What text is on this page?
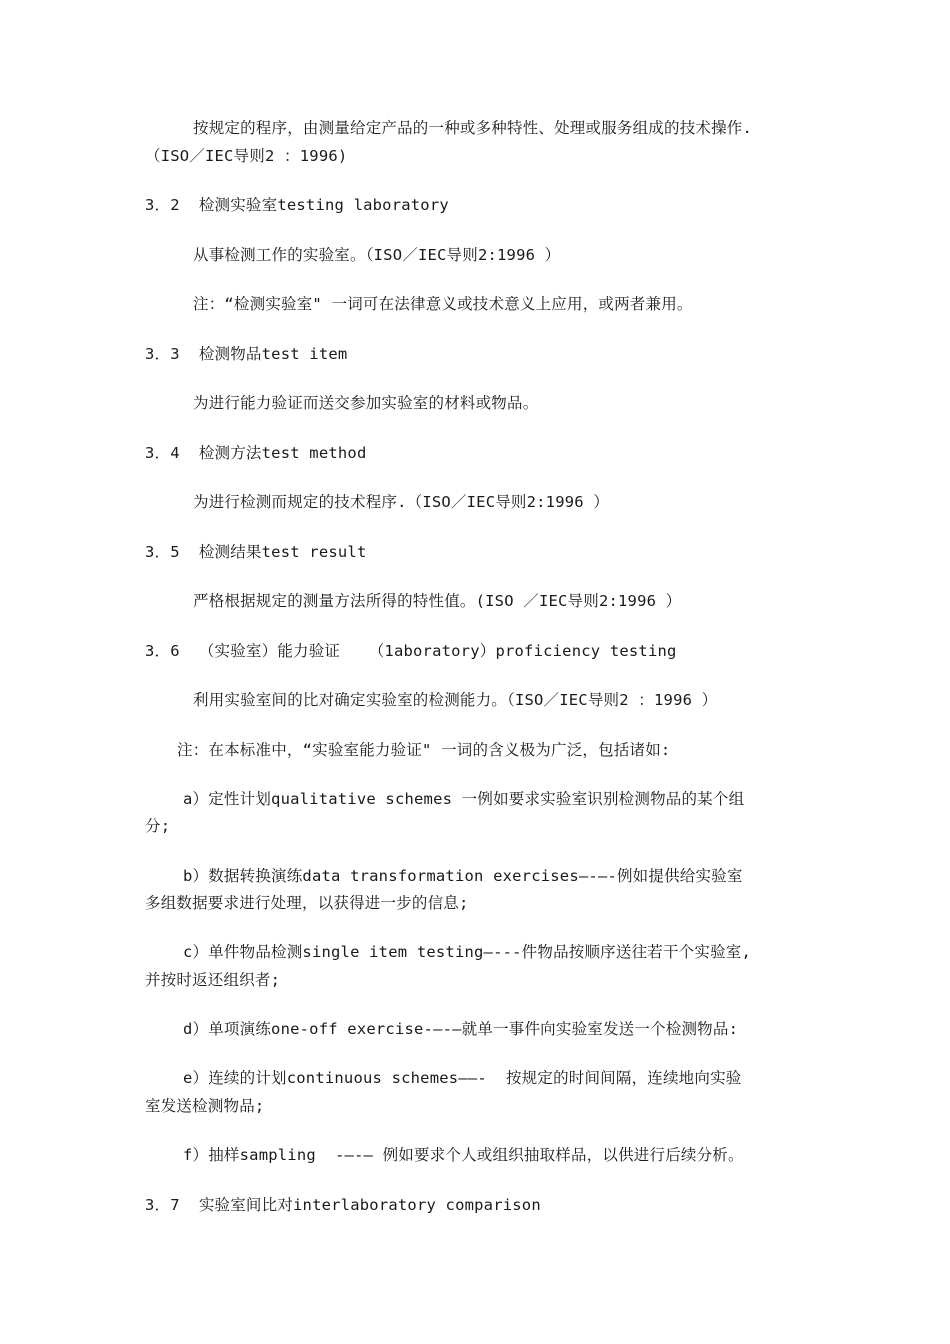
按规定的程序，由测量给定产品的一种或多种特性、处理或服务组成的技术操作.
（ISO／IEC导则2 ：1996)
3．2  检测实验室testing laboratory
从事检测工作的实验室。（ISO／IEC导则2:1996 ）
注：“检测实验室" 一词可在法律意义或技术意义上应用，或两者兼用。
3．3  检测物品test item
为进行能力验证而送交参加实验室的材料或物品。
3．4  检测方法test method
为进行检测而规定的技术程序.（ISO／IEC导则2:1996 ）
3．5  检测结果test result
严格根据规定的测量方法所得的特性值。(ISO ／IEC导则2:1996 ）
3．6  （实验室）能力验证   （1aboratory）proficiency testing
利用实验室间的比对确定实验室的检测能力。（ISO／IEC导则2 ：1996 ）
注：在本标准中，“实验室能力验证" 一词的含义极为广泛，包括诸如:
a）定性计划qualitative schemes 一例如要求实验室识别检测物品的某个组
分;
b）数据转换演练data transformation exercises—-—-例如提供给实验室
多组数据要求进行处理，以获得进一步的信息;
c）单件物品检测single item testing—---件物品按顺序送往若干个实验室,
并按时返还组织者;
d）单项演练one-off exercise-—-—就单一事件向实验室发送一个检测物品:
e）连续的计划continuous schemes——-  按规定的时间间隔，连续地向实验
室发送检测物品;
f）抽样sampling  -—-— 例如要求个人或组织抽取样品，以供进行后续分析。
3．7  实验室间比对interlaboratory comparison
